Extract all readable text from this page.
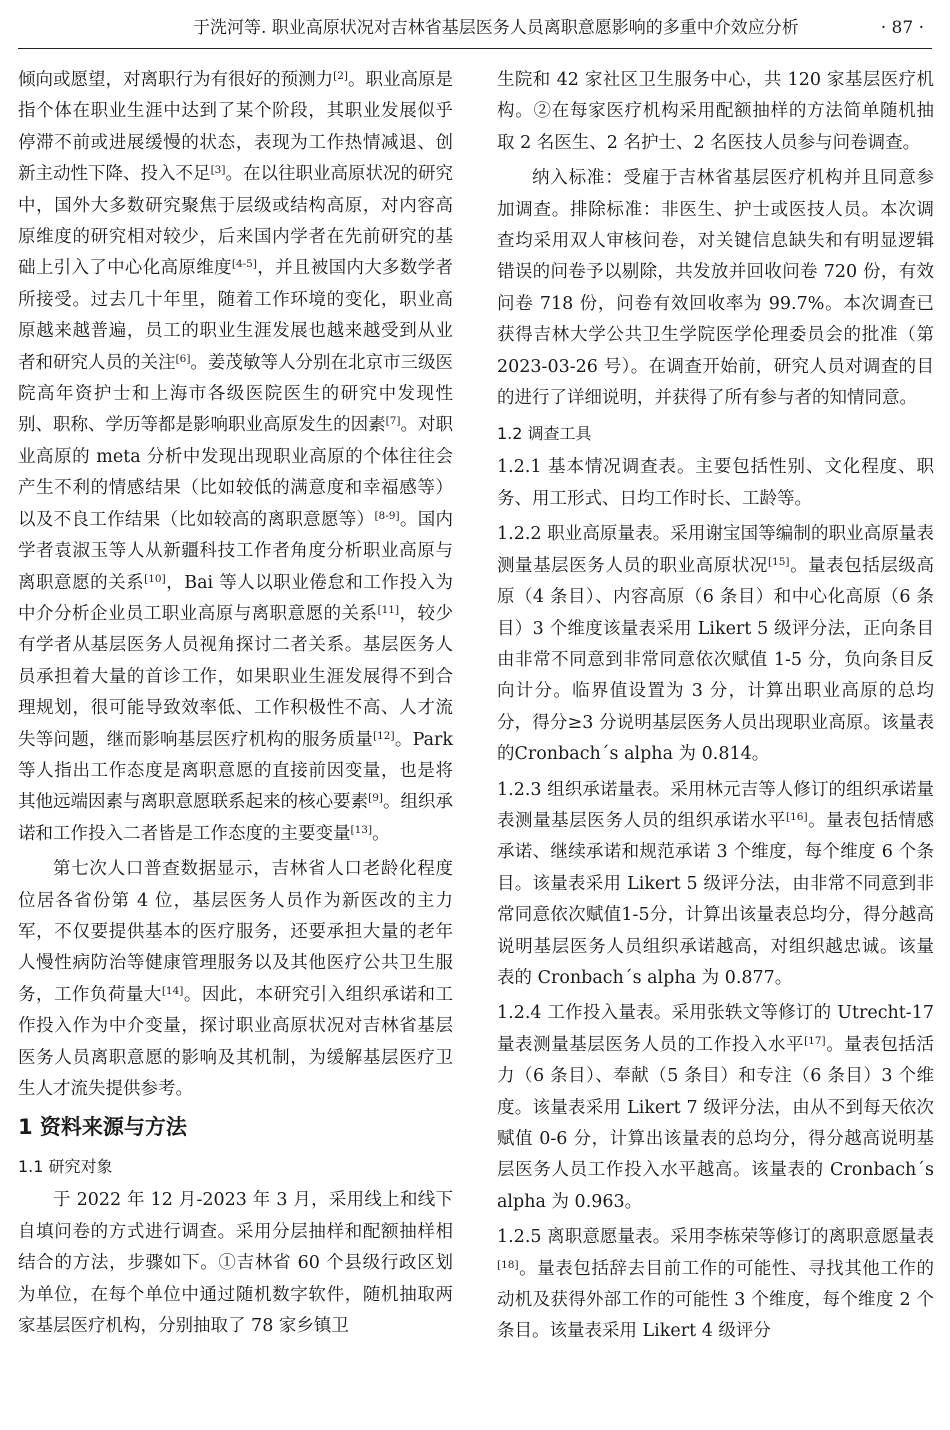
于洗河等. 职业高原状况对吉林省基层医务人员离职意愿影响的多重中介效应分析	· 87 ·

倾向或愿望，对离职行为有很好的预测力[2]。职业高原是指个体在职业生涯中达到了某个阶段，其职业发展似乎停滞不前或进展缓慢的状态，表现为工作热情减退、创新主动性下降、投入不足[3]。在以往职业高原状况的研究中，国外大多数研究聚焦于层级或结构高原，对内容高原维度的研究相对较少，后来国内学者在先前研究的基础上引入了中心化高原维度[4-5]，并且被国内大多数学者所接受。过去几十年里，随着工作环境的变化，职业高原越来越普遍，员工的职业生涯发展也越来越受到从业者和研究人员的关注[6]。姜茂敏等人分别在北京市三级医院高年资护士和上海市各级医院医生的研究中发现性别、职称、学历等都是影响职业高原发生的因素[7]。对职业高原的 meta 分析中发现出现职业高原的个体往往会产生不利的情感结果（比如较低的满意度和幸福感等）以及不良工作结果（比如较高的离职意愿等）[8-9]。国内学者袁淑玉等人从新疆科技工作者角度分析职业高原与离职意愿的关系[10]，Bai 等人以职业倦怠和工作投入为中介分析企业员工职业高原与离职意愿的关系[11]，较少有学者从基层医务人员视角探讨二者关系。基层医务人员承担着大量的首诊工作，如果职业生涯发展得不到合理规划，很可能导致效率低、工作积极性不高、人才流失等问题，继而影响基层医疗机构的服务质量[12]。Park 等人指出工作态度是离职意愿的直接前因变量，也是将其他远端因素与离职意愿联系起来的核心要素[9]。组织承诺和工作投入二者皆是工作态度的主要变量[13]。

第七次人口普查数据显示，吉林省人口老龄化程度位居各省份第 4 位，基层医务人员作为新医改的主力军，不仅要提供基本的医疗服务，还要承担大量的老年人慢性病防治等健康管理服务以及其他医疗公共卫生服务，工作负荷量大[14]。因此，本研究引入组织承诺和工作投入作为中介变量，探讨职业高原状况对吉林省基层医务人员离职意愿的影响及其机制，为缓解基层医疗卫生人才流失提供参考。

1 资料来源与方法
1.1 研究对象

于 2022 年 12 月-2023 年 3 月，采用线上和线下自填问卷的方式进行调查。采用分层抽样和配额抽样相结合的方法，步骤如下。①吉林省 60 个县级行政区划为单位，在每个单位中通过随机数字软件，随机抽取两家基层医疗机构，分别抽取了 78 家乡镇卫

生院和 42 家社区卫生服务中心，共 120 家基层医疗机构。②在每家医疗机构采用配额抽样的方法简单随机抽取 2 名医生、2 名护士、2 名医技人员参与问卷调查。

纳入标准：受雇于吉林省基层医疗机构并且同意参加调查。排除标准：非医生、护士或医技人员。本次调查均采用双人审核问卷，对关键信息缺失和有明显逻辑错误的问卷予以剔除，共发放并回收问卷 720 份，有效问卷 718 份，问卷有效回收率为 99.7%。本次调查已获得吉林大学公共卫生学院医学伦理委员会的批准（第 2023-03-26 号）。在调查开始前，研究人员对调查的目的进行了详细说明，并获得了所有参与者的知情同意。

1.2 调查工具

1.2.1 基本情况调查表。主要包括性别、文化程度、职务、用工形式、日均工作时长、工龄等。

1.2.2 职业高原量表。采用谢宝国等编制的职业高原量表测量基层医务人员的职业高原状况[15]。量表包括层级高原（4 条目）、内容高原（6 条目）和中心化高原（6 条目）3 个维度该量表采用 Likert 5 级评分法，正向条目由非常不同意到非常同意依次赋值 1-5 分，负向条目反向计分。临界值设置为 3 分，计算出职业高原的总均分，得分≥3 分说明基层医务人员出现职业高原。该量表的Cronbach´s alpha 为 0.814。

1.2.3 组织承诺量表。采用林元吉等人修订的组织承诺量表测量基层医务人员的组织承诺水平[16]。量表包括情感承诺、继续承诺和规范承诺 3 个维度，每个维度 6 个条目。该量表采用 Likert 5 级评分法，由非常不同意到非常同意依次赋值1-5分，计算出该量表总均分，得分越高说明基层医务人员组织承诺越高，对组织越忠诚。该量表的 Cronbach´s alpha 为 0.877。

1.2.4 工作投入量表。采用张轶文等修订的 Utrecht-17 量表测量基层医务人员的工作投入水平[17]。量表包括活力（6 条目）、奉献（5 条目）和专注（6 条目）3 个维度。该量表采用 Likert 7 级评分法，由从不到每天依次赋值 0-6 分，计算出该量表的总均分，得分越高说明基层医务人员工作投入水平越高。该量表的 Cronbach´s alpha 为 0.963。

1.2.5 离职意愿量表。采用李栋荣等修订的离职意愿量表[18]。量表包括辞去目前工作的可能性、寻找其他工作的动机及获得外部工作的可能性 3 个维度，每个维度 2 个条目。该量表采用 Likert 4 级评分
